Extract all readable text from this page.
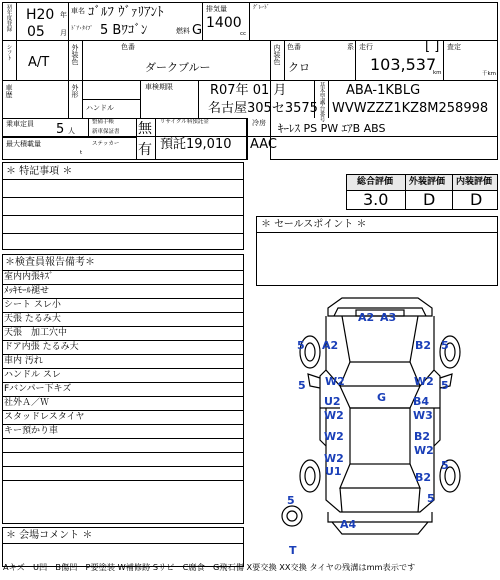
初年度登録 H20 年
05 月
車名 ｺﾞﾙﾌ ｳﾞｧﾘｱﾝﾄ
ﾄﾞｱ･ﾀｲﾌﾟ 5 Bﾜｺﾞﾝ	燃料 G
排気量
1400
cc
ｸﾞﾚｰﾄﾞ
シフト
A/T	外装色	色番
ダークブルー
内装色 色番	系
クロ
走行	[ ]
103,537
km
査定
千km
車歴	外形
ハンドル
車検期限	R07年 01 月
名古屋305セ3575
基本型式 ABA-1KBLG
車台番号 WVWZZZ1KZ8M258998
乗車定員 5 人
最大積載量
t
整備手帳
新車保証書
ステッカー
無
有
リサイクル料預託金
預託19,010
冷房
AAC
ｷｰﾚｽ PS PW ｴｱB ABS
＊ 特記事項 ＊
総合評価 外装評価 内装評価
3.0 D D
＊ セールスポイント ＊
＊検査員報告備考＊
室内内張ｷｽﾞ
ﾒｯｷﾓｰﾙ褪せ
シート スレ小
天張 たるみ大
天張　加工穴中
ドア内張 たるみ大
車内 汚れ
ハンドル スレ
Fバンパー下キズ
社外Ａ／Ｗ
スタッドレスタイヤ
キー預かり車
＊ 会場コメント ＊
A2 A3
A2	B2
W2	W2
U2
W2
G B4
W3
W2	B2
W2
W2
U1	B2
A4
T
5	5
5	5
5
5	5
Aキズ　U凹　B傷凹　P要塗装 W補修跡 Sサビ　C腐食　G飛石傷 X要交換 XX交換 タイヤの残溝はmm表示です
